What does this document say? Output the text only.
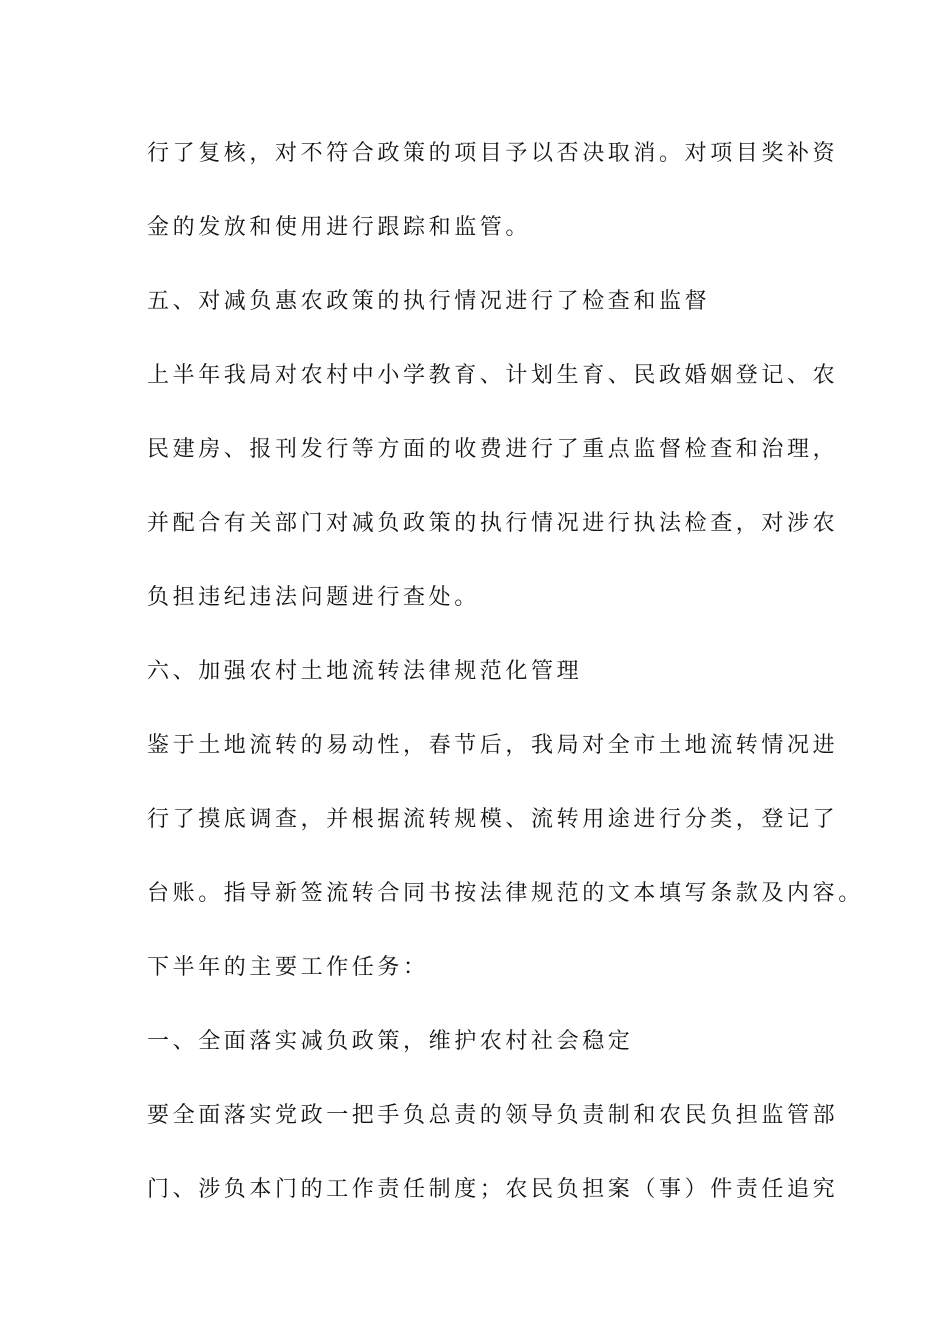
行了复核，对不符合政策的项目予以否决取消。对项目奖补资
金的发放和使用进行跟踪和监管。
五、对减负惠农政策的执行情况进行了检查和监督
上半年我局对农村中小学教育、计划生育、民政婚姻登记、农
民建房、报刊发行等方面的收费进行了重点监督检查和治理，
并配合有关部门对减负政策的执行情况进行执法检查，对涉农
负担违纪违法问题进行查处。
六、加强农村土地流转法律规范化管理
鉴于土地流转的易动性，春节后，我局对全市土地流转情况进
行了摸底调查，并根据流转规模、流转用途进行分类，登记了
台账。指导新签流转合同书按法律规范的文本填写条款及内容。
下半年的主要工作任务：
一、全面落实减负政策，维护农村社会稳定
要全面落实党政一把手负总责的领导负责制和农民负担监管部
门、涉负本门的工作责任制度；农民负担案（事）件责任追究
